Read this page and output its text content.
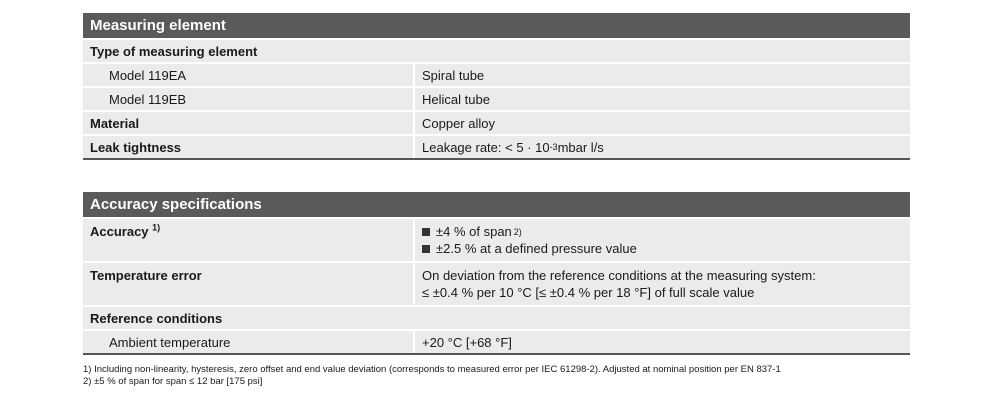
Measuring element
Type of measuring element
Model 119EA	Spiral tube
Model 119EB	Helical tube
Material	Copper alloy
Leak tightness	Leakage rate: < 5 · 10 -3 mbar l/s
Accuracy specifications
Accuracy $^{1)}$	±4 % of span 2)
±2.5 % at a defined pressure value
Temperature error	On deviation from the reference conditions at the measuring system:
≤ ±0.4 % per 10 °C [≤ ±0.4 % per 18 °F] of full scale value
Reference conditions
Ambient temperature	+20 °C [+68 °F]
1) Including non-linearity, hysteresis, zero offset and end value deviation (corresponds to measured error per IEC 61298-2). Adjusted at nominal position per EN 837-1
2) ±5 % of span for span ≤ 12 bar [175 psi]
